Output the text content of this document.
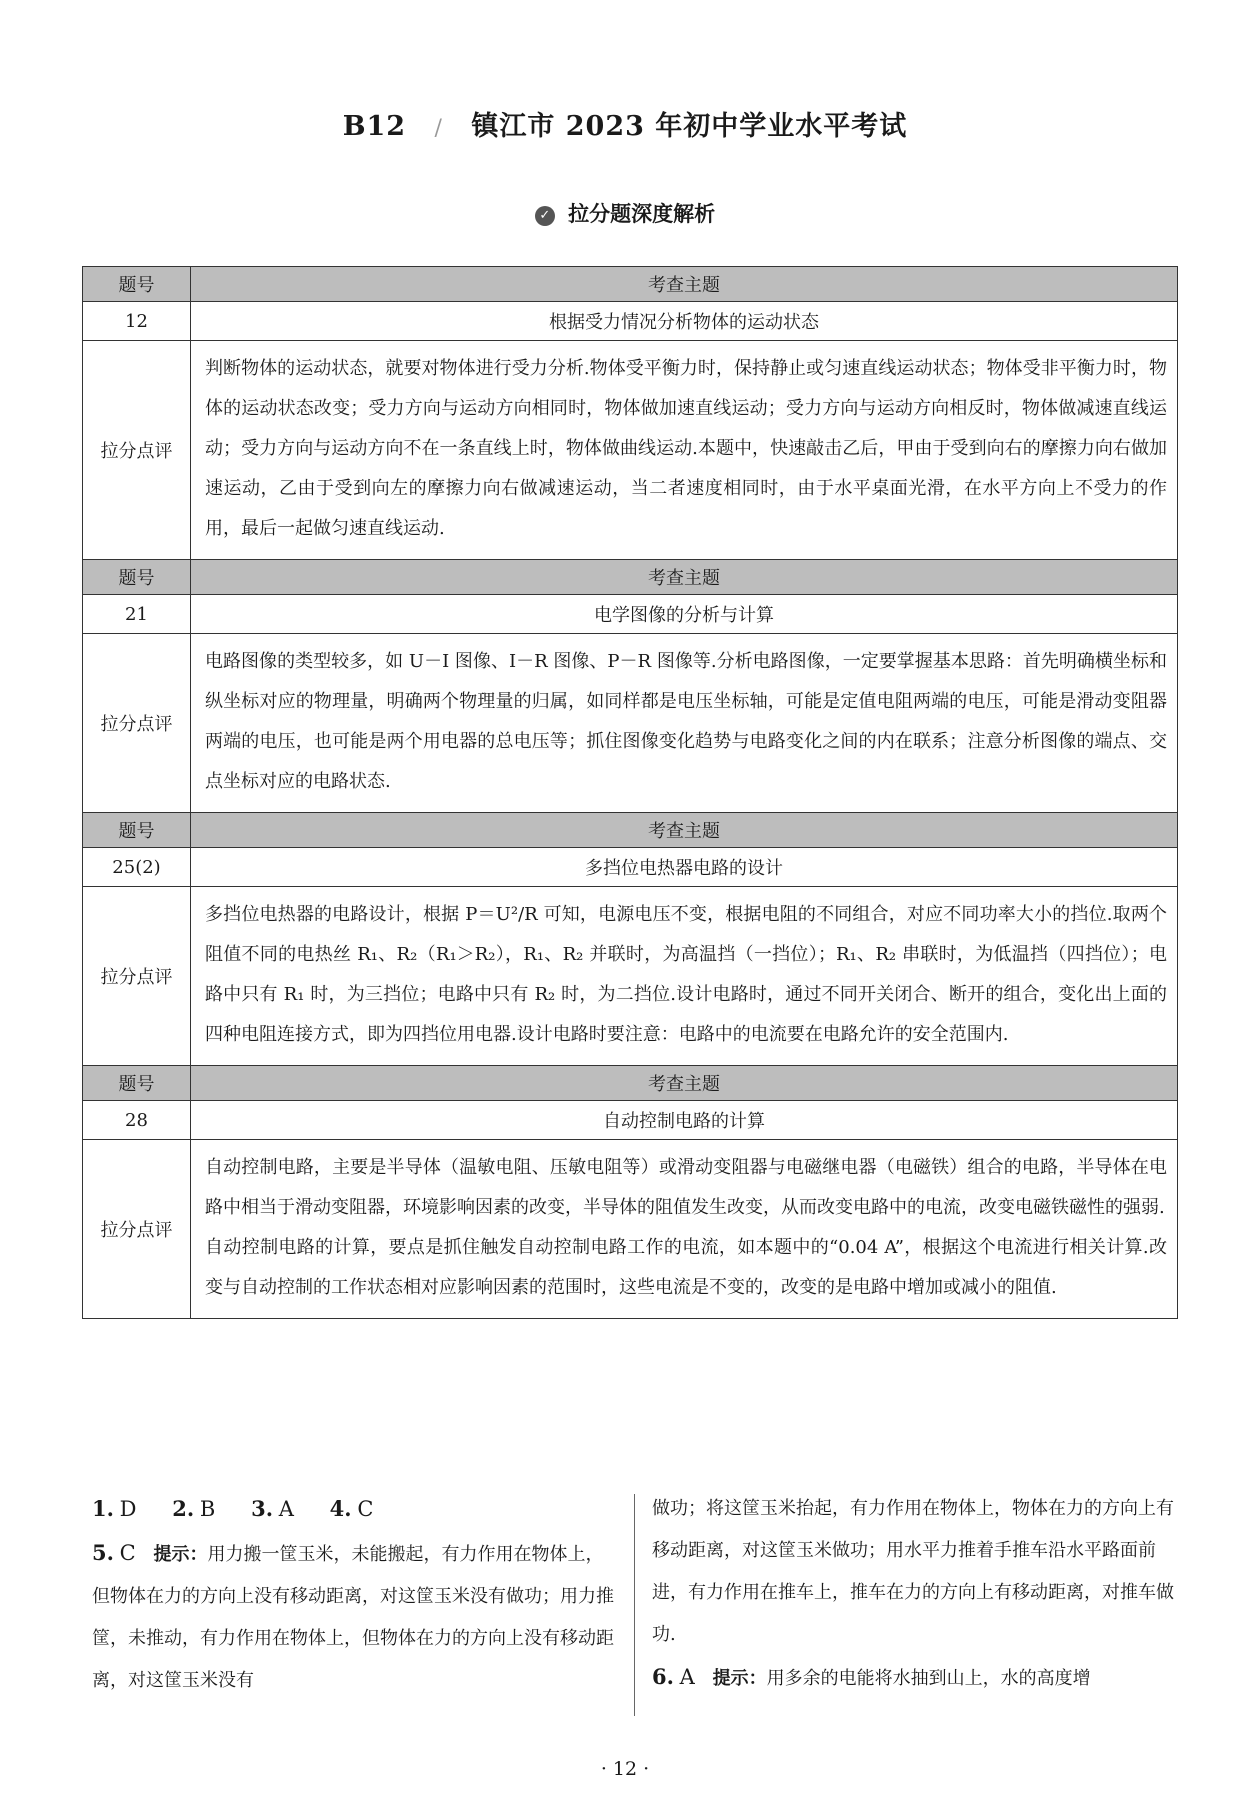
B12 / 镇江市 2023 年初中学业水平考试
✓ 拉分题深度解析
题号	考查主题
12	根据受力情况分析物体的运动状态
拉分点评	判断物体的运动状态，就要对物体进行受力分析.物体受平衡力时，保持静止或匀速直线运动状态；物体受非平衡力时，物体的运动状态改变；受力方向与运动方向相同时，物体做加速直线运动；受力方向与运动方向相反时，物体做减速直线运动；受力方向与运动方向不在一条直线上时，物体做曲线运动.本题中，快速敲击乙后，甲由于受到向右的摩擦力向右做加速运动，乙由于受到向左的摩擦力向右做减速运动，当二者速度相同时，由于水平桌面光滑，在水平方向上不受力的作用，最后一起做匀速直线运动.
题号	考查主题
21	电学图像的分析与计算
拉分点评	电路图像的类型较多，如 U－I 图像、I－R 图像、P－R 图像等.分析电路图像，一定要掌握基本思路：首先明确横坐标和纵坐标对应的物理量，明确两个物理量的归属，如同样都是电压坐标轴，可能是定值电阻两端的电压，可能是滑动变阻器两端的电压，也可能是两个用电器的总电压等；抓住图像变化趋势与电路变化之间的内在联系；注意分析图像的端点、交点坐标对应的电路状态.
题号	考查主题
25(2)	多挡位电热器电路的设计
拉分点评	多挡位电热器的电路设计，根据 P＝U²/R 可知，电源电压不变，根据电阻的不同组合，对应不同功率大小的挡位.取两个阻值不同的电热丝 R₁、R₂（R₁＞R₂），R₁、R₂ 并联时，为高温挡（一挡位）；R₁、R₂ 串联时，为低温挡（四挡位）；电路中只有 R₁ 时，为三挡位；电路中只有 R₂ 时，为二挡位.设计电路时，通过不同开关闭合、断开的组合，变化出上面的四种电阻连接方式，即为四挡位用电器.设计电路时要注意：电路中的电流要在电路允许的安全范围内.
题号	考查主题
28	自动控制电路的计算
拉分点评	自动控制电路，主要是半导体（温敏电阻、压敏电阻等）或滑动变阻器与电磁继电器（电磁铁）组合的电路，半导体在电路中相当于滑动变阻器，环境影响因素的改变，半导体的阻值发生改变，从而改变电路中的电流，改变电磁铁磁性的强弱.
自动控制电路的计算，要点是抓住触发自动控制电路工作的电流，如本题中的“0.04 A”，根据这个电流进行相关计算.改变与自动控制的工作状态相对应影响因素的范围时，这些电流是不变的，改变的是电路中增加或减小的阻值.
1. D 2. B 3. A 4. C
5. C 提示：用力搬一筐玉米，未能搬起，有力作用在物体上，但物体在力的方向上没有移动距离，对这筐玉米没有做功；用力推筐，未推动，有力作用在物体上，但物体在力的方向上没有移动距离，对这筐玉米没有
做功；将这筐玉米抬起，有力作用在物体上，物体在力的方向上有移动距离，对这筐玉米做功；用水平力推着手推车沿水平路面前进，有力作用在推车上，推车在力的方向上有移动距离，对推车做功.
6. A 提示：用多余的电能将水抽到山上，水的高度增
· 12 ·
